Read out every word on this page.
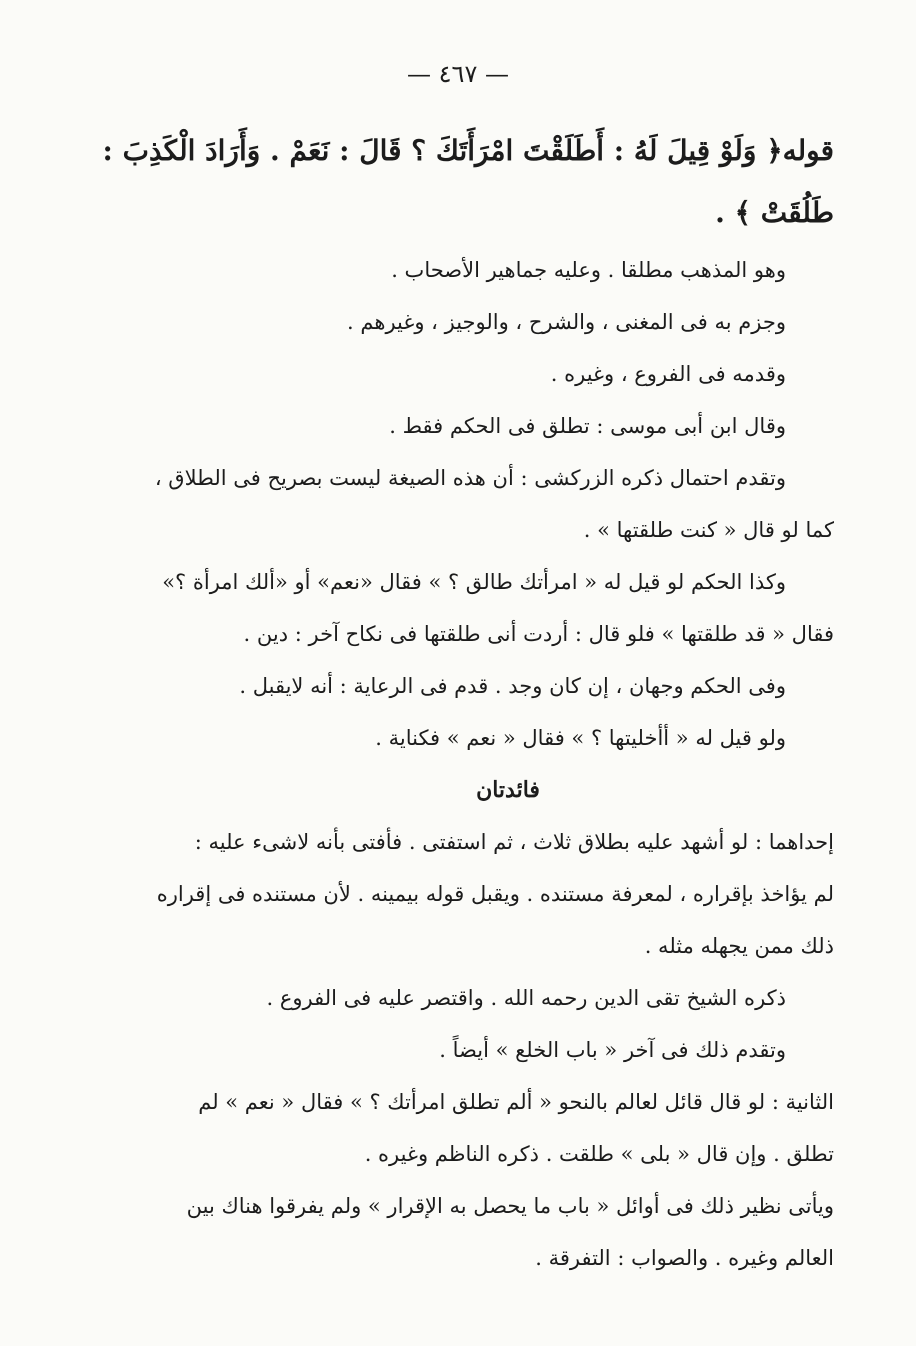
— ٤٦٧ —
قوله﴿ وَلَوْ قِيلَ لَهُ : أَطَلَقْتَ امْرَأَتَكَ ؟ قَالَ : نَعَمْ . وَأَرَادَ الْكَذِبَ :
طَلُقَتْ ﴾ .
وهو المذهب مطلقا . وعليه جماهير الأصحاب .
وجزم به فى المغنى ، والشرح ، والوجيز ، وغيرهم .
وقدمه فى الفروع ، وغيره .
وقال ابن أبى موسى : تطلق فى الحكم فقط .
وتقدم احتمال ذكره الزركشى : أن هذه الصيغة ليست بصريح فى الطلاق ،
كما لو قال « كنت طلقتها » .
وكذا الحكم لو قيل له « امرأتك طالق ؟ » فقال «نعم» أو «ألك امرأة ؟»
فقال « قد طلقتها » فلو قال : أردت أنى طلقتها فى نكاح آخر : دين .
وفى الحكم وجهان ، إن كان وجد . قدم فى الرعاية : أنه لايقبل .
ولو قيل له « أأخليتها ؟ » فقال « نعم » فكناية .
فائدتان
إحداهما : لو أشهد عليه بطلاق ثلاث ، ثم استفتى . فأفتى بأنه لاشىء عليه :
لم يؤاخذ بإقراره ، لمعرفة مستنده . ويقبل قوله بيمينه . لأن مستنده فى إقراره
ذلك ممن يجهله مثله .
ذكره الشيخ تقى الدين رحمه الله . واقتصر عليه فى الفروع .
وتقدم ذلك فى آخر « باب الخلع » أيضاً .
الثانية : لو قال قائل لعالم بالنحو « ألم تطلق امرأتك ؟ » فقال « نعم » لم
تطلق . وإن قال « بلى » طلقت . ذكره الناظم وغيره .
ويأتى نظير ذلك فى أوائل « باب ما يحصل به الإقرار » ولم يفرقوا هناك بين
العالم وغيره . والصواب : التفرقة .
